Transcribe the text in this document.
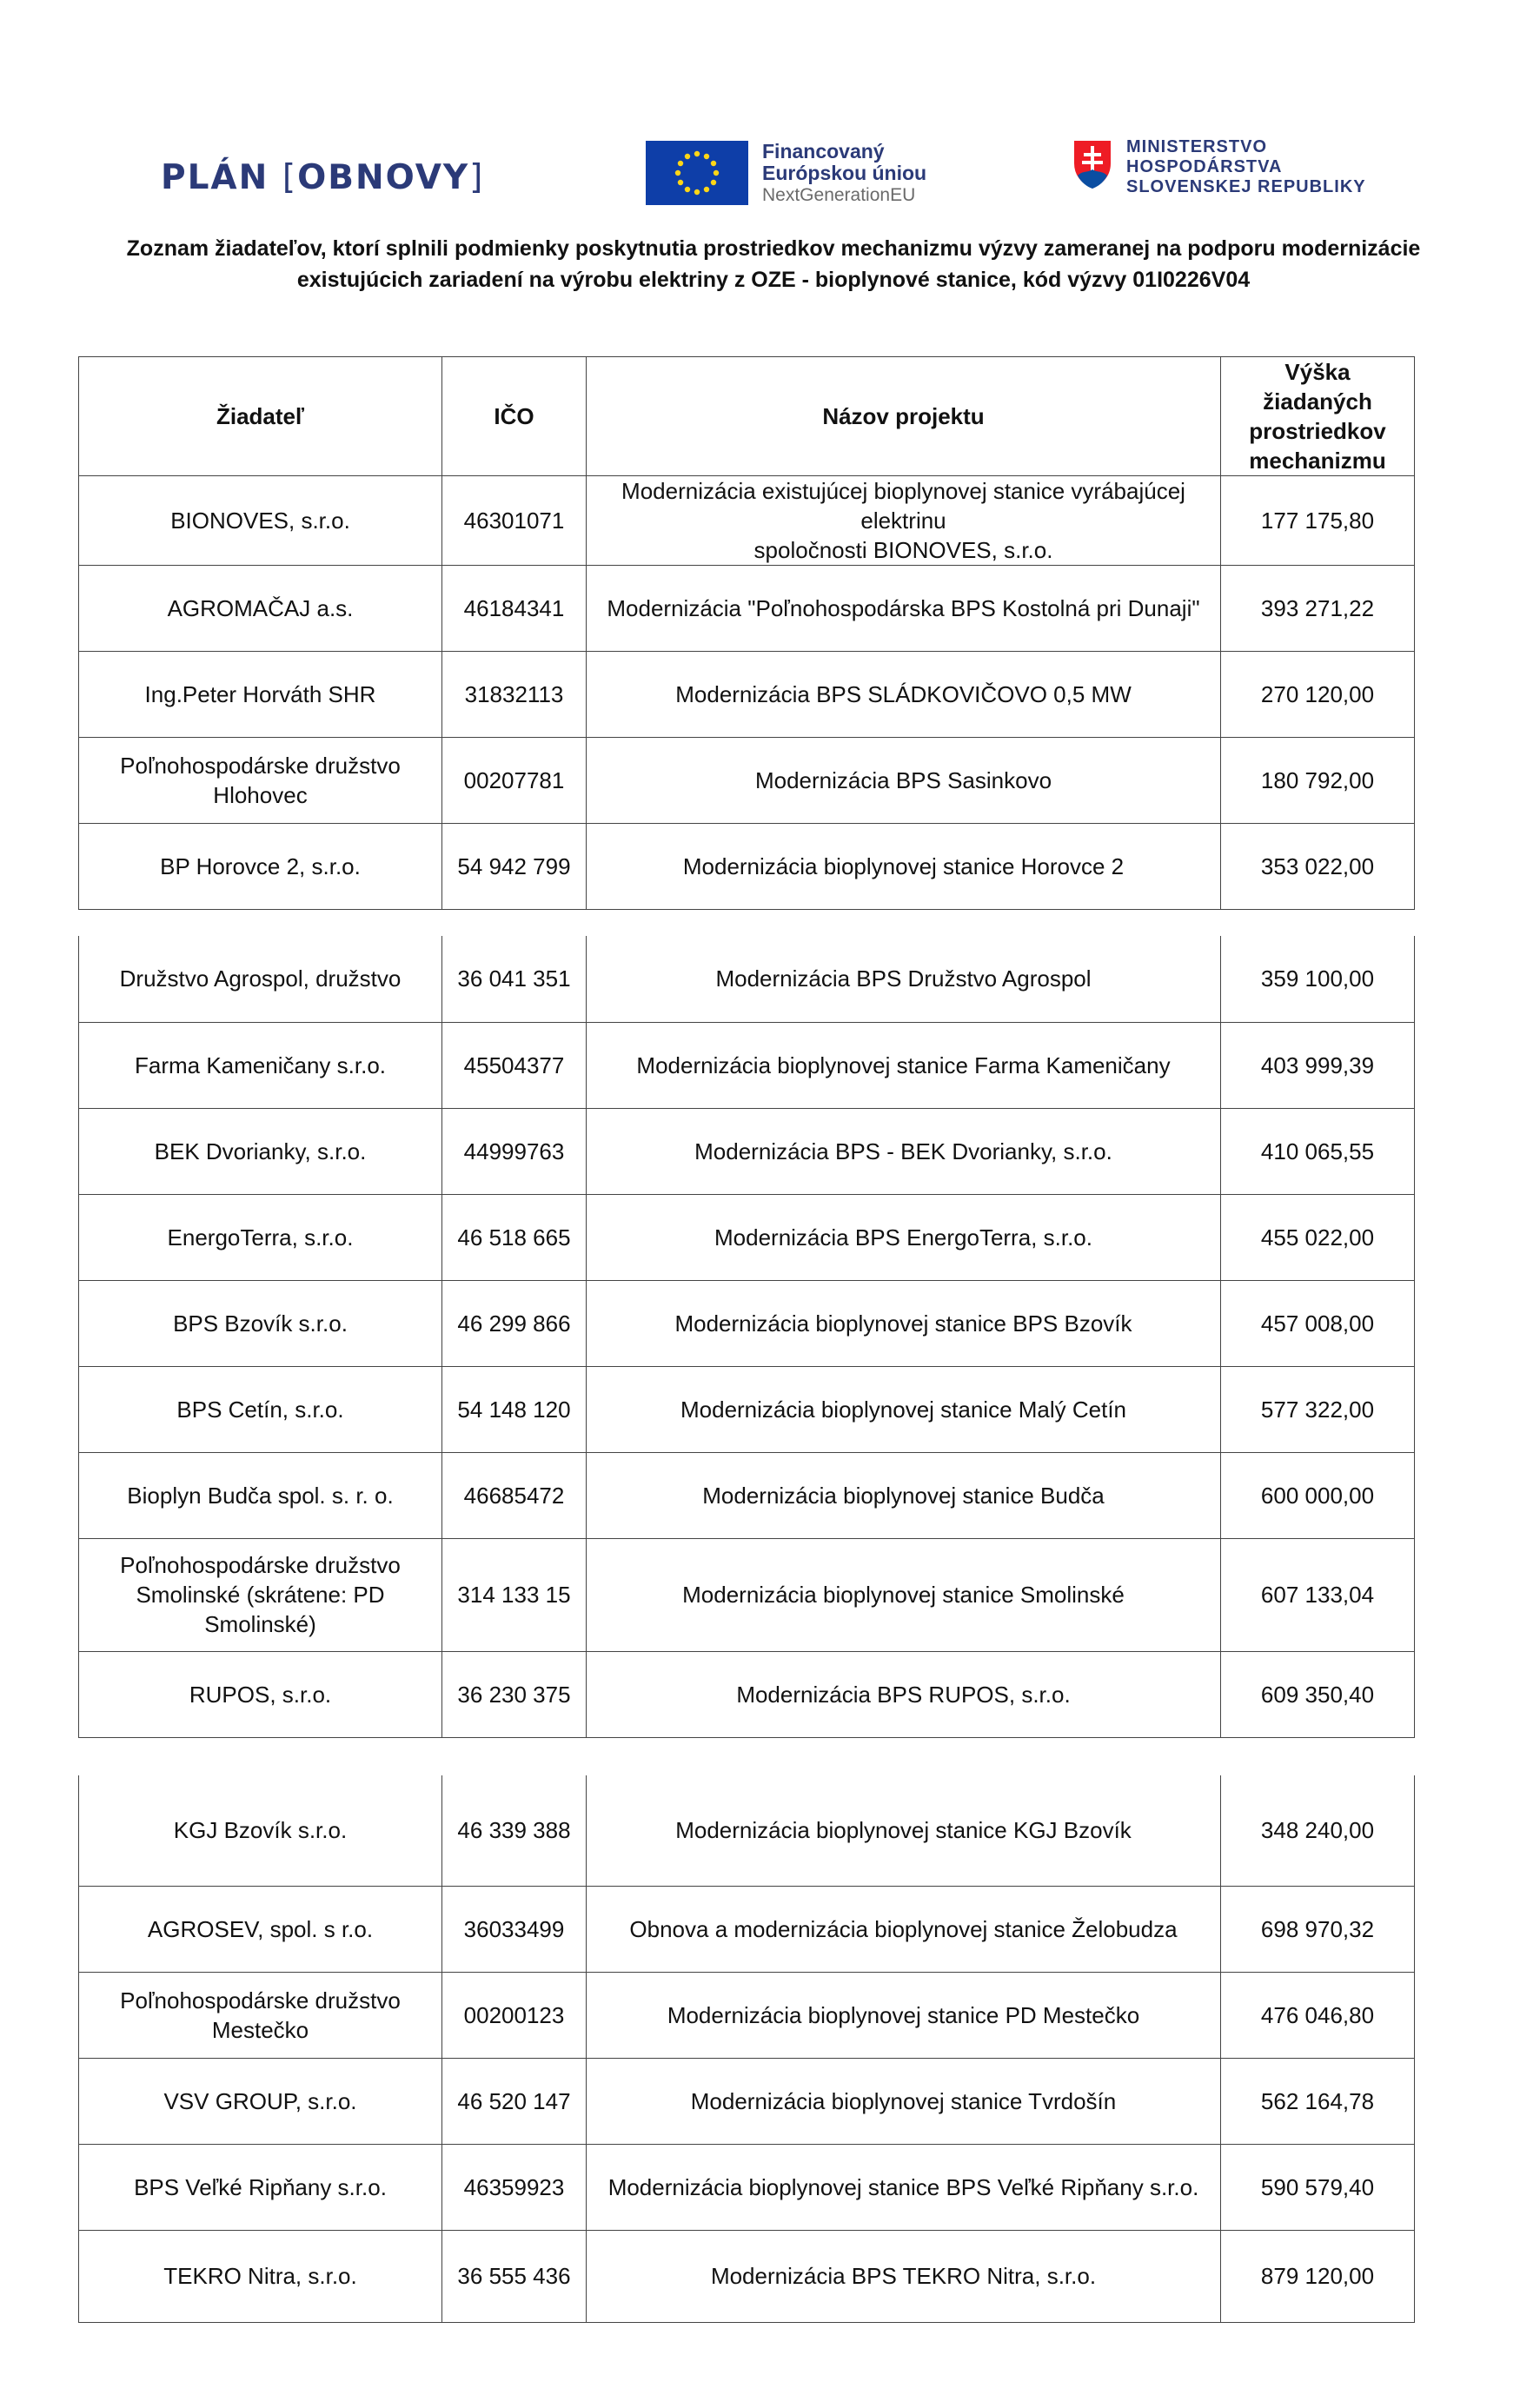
PLÁN [OBNOVY]
Financovaný
Európskou úniou
NextGenerationEU
MINISTERSTVO
HOSPODÁRSTVA
SLOVENSKEJ REPUBLIKY
Zoznam žiadateľov, ktorí splnili podmienky poskytnutia prostriedkov mechanizmu výzvy zameranej na podporu modernizácie
existujúcich zariadení na výrobu elektriny z OZE - bioplynové stanice, kód výzvy 01I0226V04
Žiadateľ	IČO	Názov projektu	Výška žiadaných
prostriedkov
mechanizmu

BIONOVES, s.r.o.	46301071	Modernizácia existujúcej bioplynovej stanice vyrábajúcej elektrinu
spoločnosti BIONOVES, s.r.o.	177 175,80
AGROMAČAJ a.s.	46184341	Modernizácia "Poľnohospodárska BPS Kostolná pri Dunaji"	393 271,22
Ing.Peter Horváth SHR	31832113	Modernizácia BPS SLÁDKOVIČOVO 0,5 MW	270 120,00

Poľnohospodárske družstvo
Hlohovec	00207781	Modernizácia BPS Sasinkovo	180 792,00
BP Horovce 2, s.r.o.	54 942 799	Modernizácia bioplynovej stanice Horovce 2	353 022,00
Družstvo Agrospol, družstvo	36 041 351	Modernizácia BPS Družstvo Agrospol	359 100,00
Farma Kameničany s.r.o.	45504377	Modernizácia bioplynovej stanice Farma Kameničany	403 999,39
BEK Dvorianky, s.r.o.	44999763	Modernizácia BPS - BEK Dvorianky, s.r.o.	410 065,55
EnergoTerra, s.r.o.	46 518 665	Modernizácia BPS EnergoTerra, s.r.o.	455 022,00
BPS Bzovík s.r.o.	46 299 866	Modernizácia bioplynovej stanice BPS Bzovík	457 008,00
BPS Cetín, s.r.o.	54 148 120	Modernizácia bioplynovej stanice Malý Cetín	577 322,00
Bioplyn Budča spol. s. r. o.	46685472	Modernizácia bioplynovej stanice Budča	600 000,00

Poľnohospodárske družstvo
Smolinské (skrátene: PD Smolinské)	314 133 15	Modernizácia bioplynovej stanice Smolinské	607 133,04
RUPOS, s.r.o.	36 230 375	Modernizácia BPS RUPOS, s.r.o.	609 350,40
KGJ Bzovík s.r.o.	46 339 388	Modernizácia bioplynovej stanice KGJ Bzovík	348 240,00
AGROSEV, spol. s r.o.	36033499	Obnova a modernizácia bioplynovej stanice Želobudza	698 970,32

Poľnohospodárske družstvo
Mestečko	00200123	Modernizácia bioplynovej stanice PD Mestečko	476 046,80
VSV GROUP, s.r.o.	46 520 147	Modernizácia bioplynovej stanice Tvrdošín	562 164,78
BPS Veľké Ripňany s.r.o.	46359923	Modernizácia bioplynovej stanice BPS Veľké Ripňany s.r.o.	590 579,40
TEKRO Nitra, s.r.o.	36 555 436	Modernizácia BPS TEKRO Nitra, s.r.o.	879 120,00
